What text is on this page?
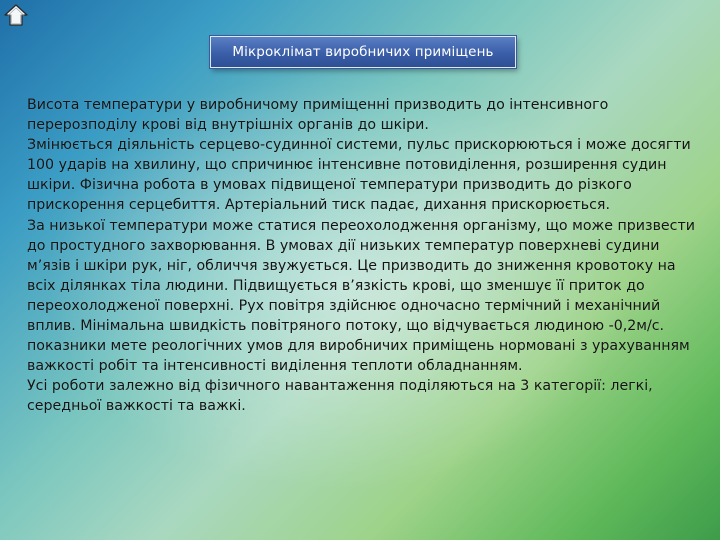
Мікроклімат виробничих приміщень

Висота температури у виробничому приміщенні призводить до інтенсивного перерозподілу крові від внутрішніх органів до шкіри.

Змінюється діяльність серцево-судинної системи, пульс прискорюються і може досягти 100 ударів на хвилину, що спричинює інтенсивне потовиділення, розширення судин шкіри. Фізична робота в умовах підвищеної температури призводить до різкого прискорення серцебиття. Артеріальний тиск падає, дихання прискорюється.

За низької температури може статися переохолодження організму, що може призвести до простудного захворювання. В умовах дії низьких температур поверхневі судини м’язів і шкіри рук, ніг, обличчя звужується. Це призводить до зниження кровотоку на всіх ділянках тіла людини. Підвищується в’язкість крові, що зменшує її приток до переохолодженої поверхні. Рух повітря здійснює одночасно термічний і механічний вплив. Мінімальна швидкість повітряного потоку, що відчувається людиною -0,2м/с. показники мете реологічних умов для виробничих приміщень нормовані з урахуванням важкості робіт та інтенсивності виділення теплоти обладнанням.

Усі роботи залежно від фізичного навантаження поділяються на 3 категорії: легкі, середньої важкості та важкі.
